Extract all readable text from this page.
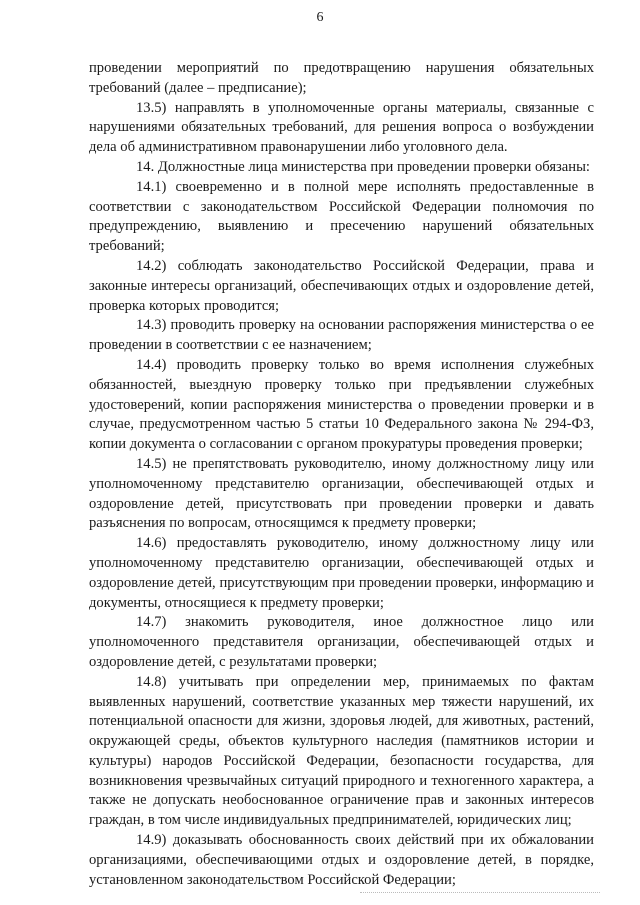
6

проведении мероприятий по предотвращению нарушения обязательных требований (далее – предписание);

13.5) направлять в уполномоченные органы материалы, связанные с нарушениями обязательных требований, для решения вопроса о возбуждении дела об административном правонарушении либо уголовного дела.

14. Должностные лица министерства при проведении проверки обязаны:

14.1) своевременно и в полной мере исполнять предоставленные в соответствии с законодательством Российской Федерации полномочия по предупреждению, выявлению и пресечению нарушений обязательных требований;

14.2) соблюдать законодательство Российской Федерации, права и законные интересы организаций, обеспечивающих отдых и оздоровление детей, проверка которых проводится;

14.3) проводить проверку на основании распоряжения министерства о ее проведении в соответствии с ее назначением;

14.4) проводить проверку только во время исполнения служебных обязанностей, выездную проверку только при предъявлении служебных удостоверений, копии распоряжения министерства о проведении проверки и в случае, предусмотренном частью 5 статьи 10 Федерального закона № 294-ФЗ, копии документа о согласовании с органом прокуратуры проведения проверки;

14.5) не препятствовать руководителю, иному должностному лицу или уполномоченному представителю организации, обеспечивающей отдых и оздоровление детей, присутствовать при проведении проверки и давать разъяснения по вопросам, относящимся к предмету проверки;

14.6) предоставлять руководителю, иному должностному лицу или уполномоченному представителю организации, обеспечивающей отдых и оздоровление детей, присутствующим при проведении проверки, информацию и документы, относящиеся к предмету проверки;

14.7) знакомить руководителя, иное должностное лицо или уполномоченного представителя организации, обеспечивающей отдых и оздоровление детей, с результатами проверки;

14.8) учитывать при определении мер, принимаемых по фактам выявленных нарушений, соответствие указанных мер тяжести нарушений, их потенциальной опасности для жизни, здоровья людей, для животных, растений, окружающей среды, объектов культурного наследия (памятников истории и культуры) народов Российской Федерации, безопасности государства, для возникновения чрезвычайных ситуаций природного и техногенного характера, а также не допускать необоснованное ограничение прав и законных интересов граждан, в том числе индивидуальных предпринимателей, юридических лиц;

14.9) доказывать обоснованность своих действий при их обжаловании организациями, обеспечивающими отдых и оздоровление детей, в порядке, установленном законодательством Российской Федерации;
